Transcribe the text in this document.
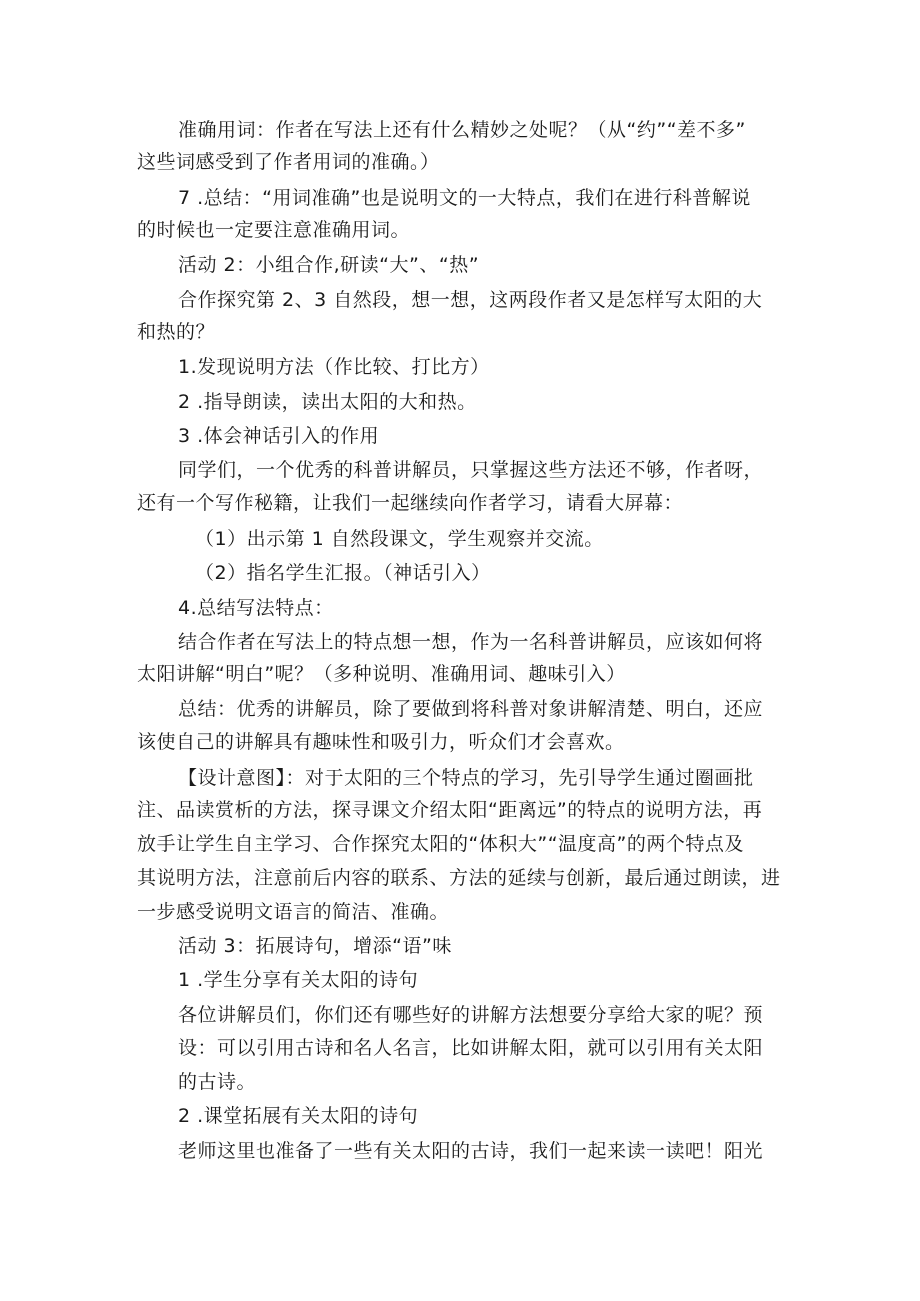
准确用词：作者在写法上还有什么精妙之处呢？（从“约”“差不多”
这些词感受到了作者用词的准确。）
7 .总结：“用词准确”也是说明文的一大特点，我们在进行科普解说
的时候也一定要注意准确用词。
活动 2：小组合作,研读“大”、“热”
合作探究第 2、3 自然段，想一想，这两段作者又是怎样写太阳的大
和热的？
1.发现说明方法（作比较、打比方）
2 .指导朗读，读出太阳的大和热。
3 .体会神话引入的作用
同学们，一个优秀的科普讲解员，只掌握这些方法还不够，作者呀，
还有一个写作秘籍，让我们一起继续向作者学习，请看大屏幕：
（1）出示第 1 自然段课文，学生观察并交流。
（2）指名学生汇报。（神话引入）
4.总结写法特点：
结合作者在写法上的特点想一想，作为一名科普讲解员，应该如何将
太阳讲解“明白”呢？（多种说明、准确用词、趣味引入）
总结：优秀的讲解员，除了要做到将科普对象讲解清楚、明白，还应
该使自己的讲解具有趣味性和吸引力，听众们才会喜欢。
【设计意图】：对于太阳的三个特点的学习，先引导学生通过圈画批
注、品读赏析的方法，探寻课文介绍太阳“距离远”的特点的说明方法，再
放手让学生自主学习、合作探究太阳的“体积大”“温度高”的两个特点及
其说明方法，注意前后内容的联系、方法的延续与创新，最后通过朗读，进
一步感受说明文语言的简洁、准确。
活动 3：拓展诗句，增添“语”味
1 .学生分享有关太阳的诗句
各位讲解员们，你们还有哪些好的讲解方法想要分享给大家的呢？预
设：可以引用古诗和名人名言，比如讲解太阳，就可以引用有关太阳
的古诗。
2 .课堂拓展有关太阳的诗句
老师这里也准备了一些有关太阳的古诗，我们一起来读一读吧！阳光
